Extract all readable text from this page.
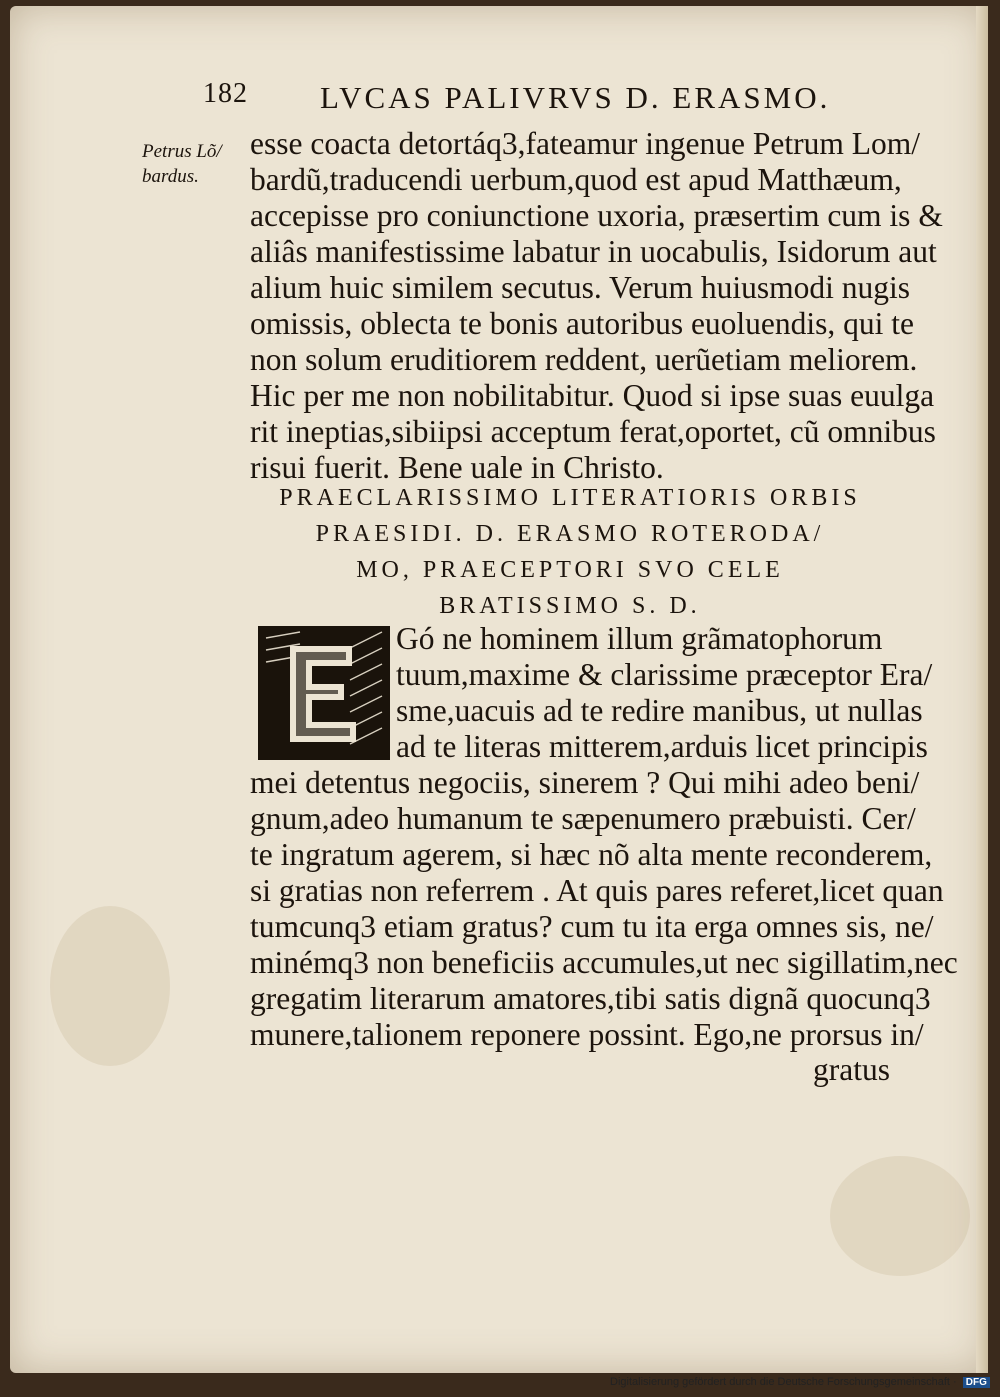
182 LVCAS PALIVRVS D. ERASMO.
Petrus Lõ/
bardus.
esse coacta detortáq3,fateamur ingenue Petrum Lom/
bardũ,traducendi uerbum,quod est apud Matthæum,
accepisse pro coniunctione uxoria, præsertim cum is &
aliâs manifestissime labatur in uocabulis, Isidorum aut
alium huic similem secutus. Verum huiusmodi nugis
omissis, oblecta te bonis autoribus euoluendis, qui te
non solum eruditiorem reddent, uerũetiam meliorem.
Hic per me non nobilitabitur. Quod si ipse suas euulga
rit ineptias,sibiipsi acceptum ferat,oportet, cũ omnibus
risui fuerit. Bene uale in Christo.
PRAECLARISSIMO LITERATIORIS ORBIS
PRAESIDI. D. ERASMO ROTERODA/
MO, PRAECEPTORI SVO CELE
BRATISSIMO S. D.
Gó ne hominem illum grãmatophorum
tuum,maxime & clarissime præceptor Era/
sme,uacuis ad te redire manibus, ut nullas
ad te literas mitterem,arduis licet principis
mei detentus negociis, sinerem ? Qui mihi adeo beni/
gnum,adeo humanum te sæpenumero præbuisti. Cer/
te ingratum agerem, si hæc nõ alta mente reconderem,
si gratias non referrem . At quis pares referet,licet quan
tumcunq3 etiam gratus? cum tu ita erga omnes sis, ne/
minémq3 non beneficiis accumules,ut nec sigillatim,nec
gregatim literarum amatores,tibi satis dignã quocunq3
munere,talionem reponere possint. Ego,ne prorsus in/
gratus
Digitalisierung gefördert durch die Deutsche Forschungsgemeinschaft · DFG
